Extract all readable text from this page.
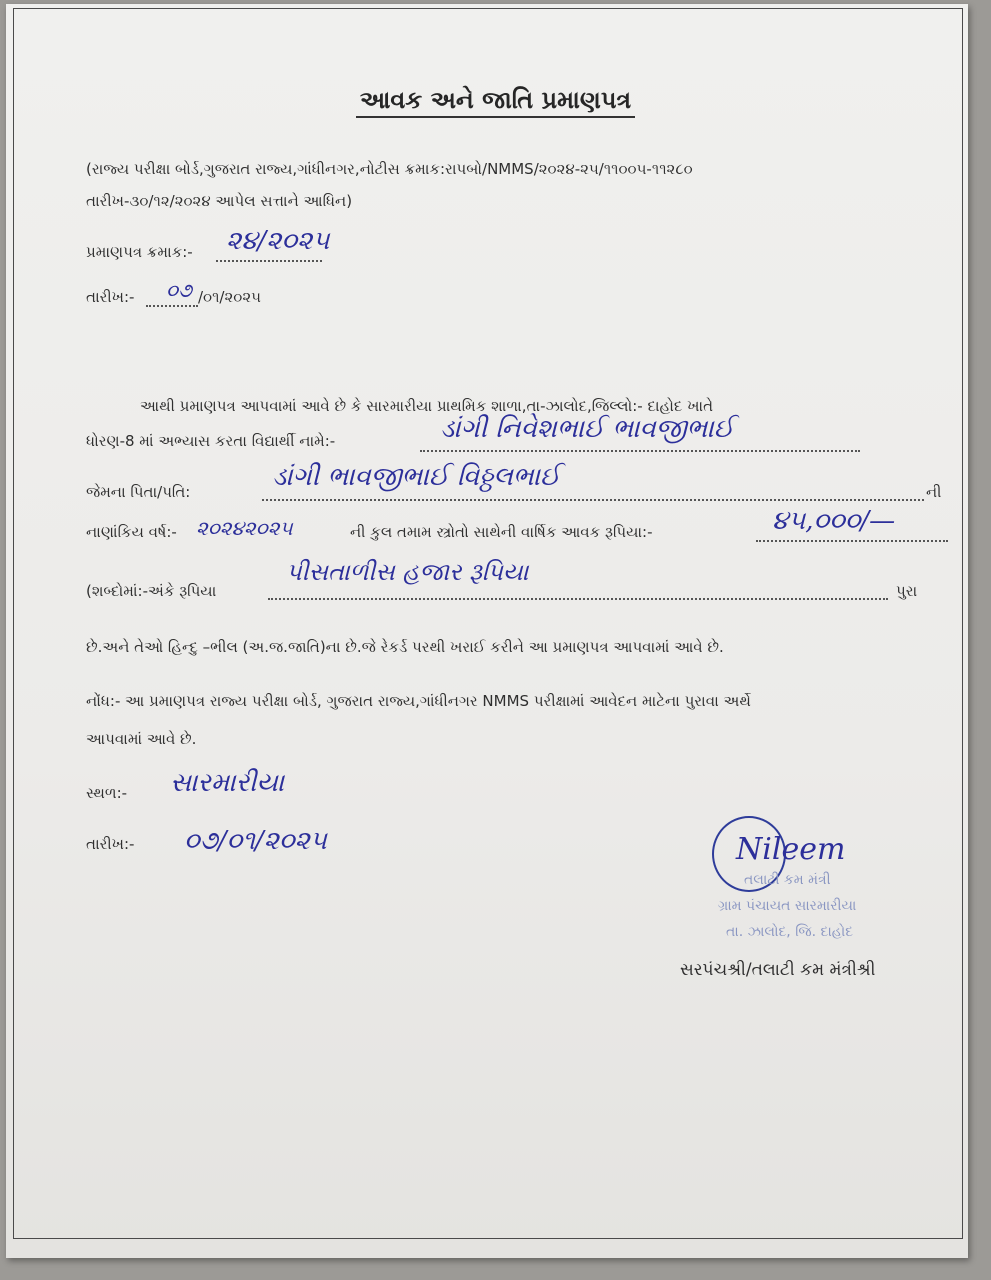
આવક અને જાતિ પ્રમાણપત્ર
(રાજ્ય પરીક્ષા બોર્ડ,ગુજરાત રાજ્ય,ગાંધીનગર,નોટીસ ક્રમાક:રાપબો/NMMS/૨૦૨૪-૨૫/૧૧૦૦૫-૧૧૨૮૦
તારીખ-૩૦/૧૨/૨૦૨૪ આપેલ સત્તાને આધિન)
પ્રમાણપત્ર ક્રમાક:- ૨૪/૨૦૨૫
તારીખ:- ૦૭ /૦૧/૨૦૨૫
આથી પ્રમાણપત્ર આપવામાં આવે છે કે સારમારીયા પ્રાથમિક શાળા,તા-ઝાલોદ,જિલ્લો:- દાહોદ ખાતે
ધોરણ-8 માં અભ્યાસ કરતા વિદ્યાર્થી નામે:-	ડાંગી નિવેશભાઈ ભાવજીભાઈ
જેમના પિતા/પતિ:	ડાંગી ભાવજીભાઈ વિઠ્ઠલભાઈ	ની
નાણાંકિય વર્ષ:- ૨૦૨૪૨૦૨૫	ની કુલ તમામ સ્ત્રોતો સાથેની વાર્ષિક આવક રૂપિયા:-	૪૫,૦૦૦/—
(શબ્દોમાં:-અંકે રૂપિયા
પીસતાળીસ હજાર રૂપિયા
પુરા
છે.અને તેઓ હિન્દુ –ભીલ (અ.જ.જાતિ)ના છે.જે રેકર્ડ પરથી ખરાઈ કરીને આ પ્રમાણપત્ર આપવામાં આવે છે.
નોંધ:- આ પ્રમાણપત્ર રાજ્ય પરીક્ષા બોર્ડ, ગુજરાત રાજ્ય,ગાંધીનગર NMMS પરીક્ષામાં આવેદન માટેના પુરાવા અર્થે
આપવામાં આવે છે.
સ્થળ:- સારમારીયા
તારીખ:- ૦૭/૦૧/૨૦૨૫	Nileem
તલાટી કમ મંત્રી
ગ્રામ પંચાયત સારમારીયા
તા. ઝાલોદ, જિ. દાહોદ
સરપંચશ્રી/તલાટી કમ મંત્રીશ્રી
